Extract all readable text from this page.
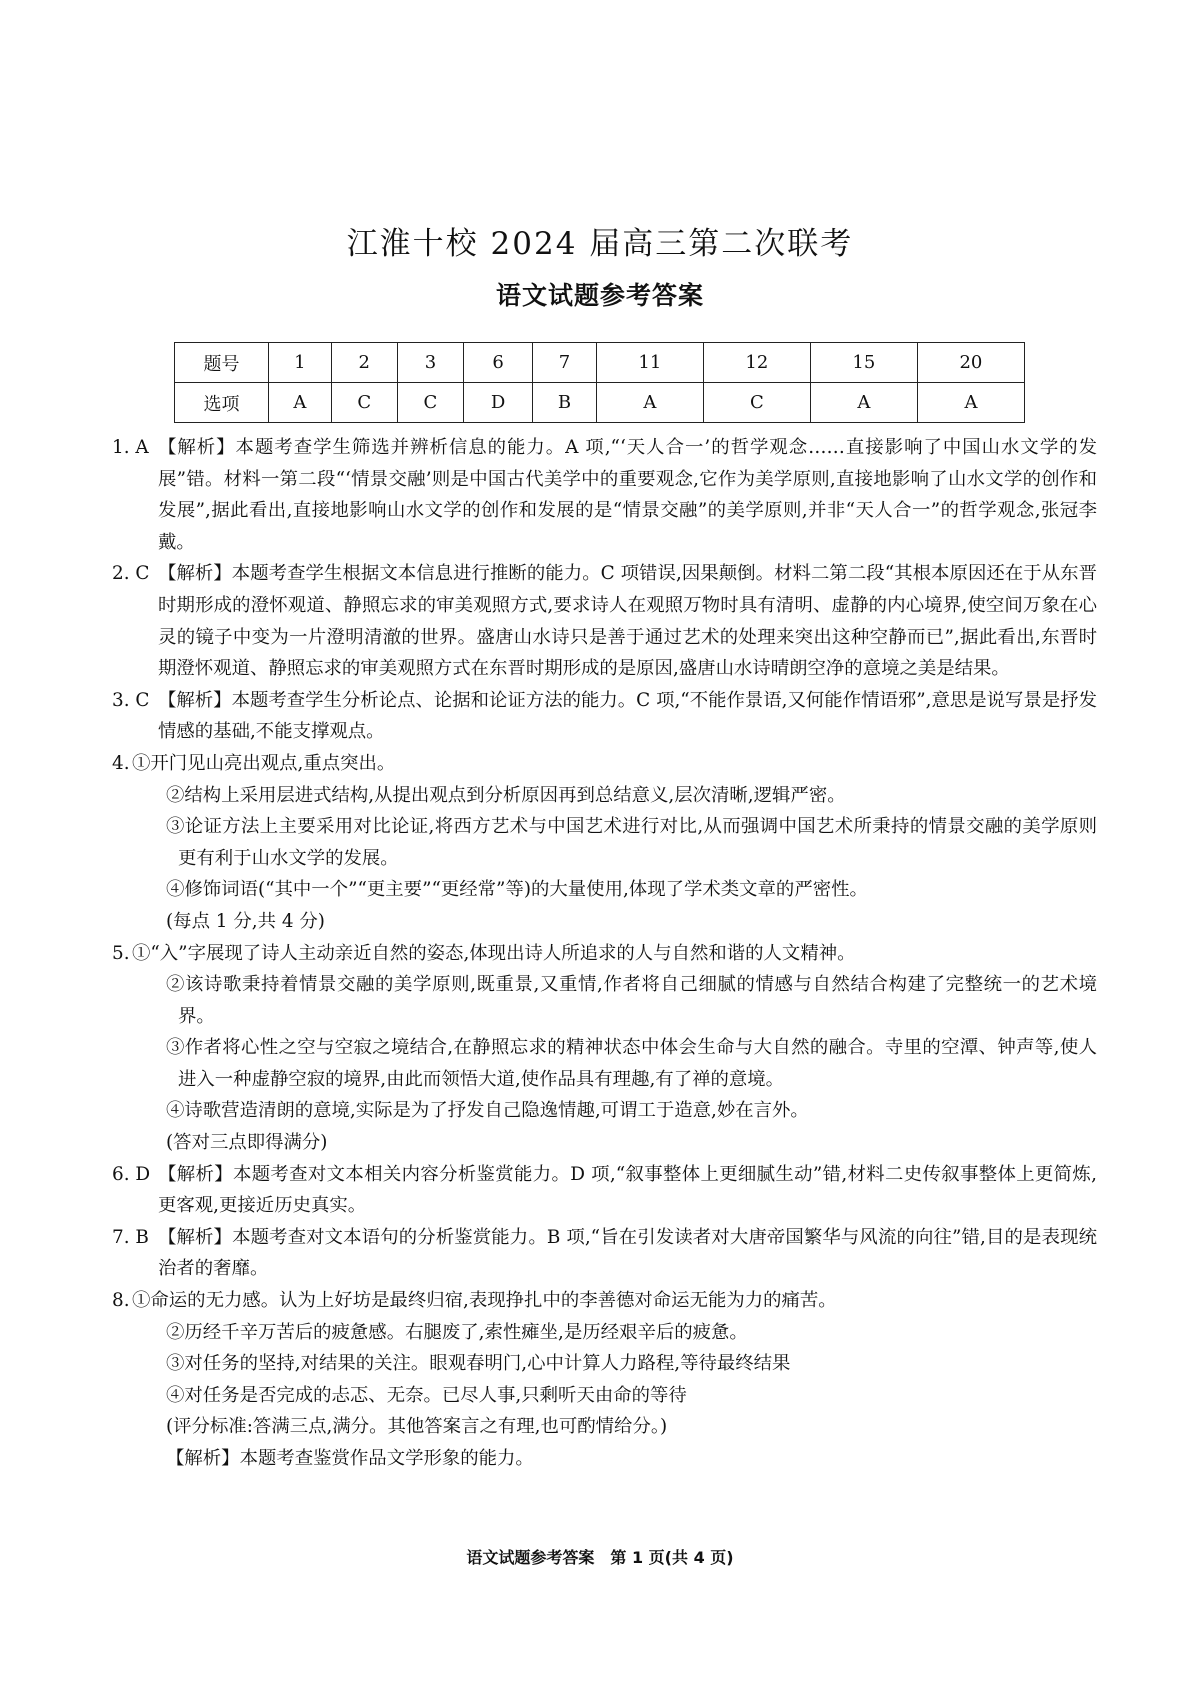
江淮十校 2024 届高三第二次联考
语文试题参考答案
题号	1	2	3	6	7	11	12	15	20
选项	A	C	C	D	B	A	C	A	A
1. A 【解析】本题考查学生筛选并辨析信息的能力。A 项,“‘天人合一’的哲学观念……直接影响了中国山水文学的发展”错。材料一第二段“‘情景交融’则是中国古代美学中的重要观念,它作为美学原则,直接地影响了山水文学的创作和发展”,据此看出,直接地影响山水文学的创作和发展的是“情景交融”的美学原则,并非“天人合一”的哲学观念,张冠李戴。
2. C 【解析】本题考查学生根据文本信息进行推断的能力。C 项错误,因果颠倒。材料二第二段“其根本原因还在于从东晋时期形成的澄怀观道、静照忘求的审美观照方式,要求诗人在观照万物时具有清明、虚静的内心境界,使空间万象在心灵的镜子中变为一片澄明清澈的世界。盛唐山水诗只是善于通过艺术的处理来突出这种空静而已”,据此看出,东晋时期澄怀观道、静照忘求的审美观照方式在东晋时期形成的是原因,盛唐山水诗晴朗空净的意境之美是结果。
3. C 【解析】本题考查学生分析论点、论据和论证方法的能力。C 项,“不能作景语,又何能作情语邪”,意思是说写景是抒发情感的基础,不能支撑观点。
4. ①开门见山亮出观点,重点突出。

②结构上采用层进式结构,从提出观点到分析原因再到总结意义,层次清晰,逻辑严密。

③论证方法上主要采用对比论证,将西方艺术与中国艺术进行对比,从而强调中国艺术所秉持的情景交融的美学原则更有利于山水文学的发展。

④修饰词语(“其中一个”“更主要”“更经常”等)的大量使用,体现了学术类文章的严密性。

(每点 1 分,共 4 分)

5. ①“入”字展现了诗人主动亲近自然的姿态,体现出诗人所追求的人与自然和谐的人文精神。

②该诗歌秉持着情景交融的美学原则,既重景,又重情,作者将自己细腻的情感与自然结合构建了完整统一的艺术境界。

③作者将心性之空与空寂之境结合,在静照忘求的精神状态中体会生命与大自然的融合。寺里的空潭、钟声等,使人进入一种虚静空寂的境界,由此而领悟大道,使作品具有理趣,有了禅的意境。

④诗歌营造清朗的意境,实际是为了抒发自己隐逸情趣,可谓工于造意,妙在言外。

(答对三点即得满分)

6. D 【解析】本题考查对文本相关内容分析鉴赏能力。D 项,“叙事整体上更细腻生动”错,材料二史传叙事整体上更简炼,更客观,更接近历史真实。
7. B 【解析】本题考查对文本语句的分析鉴赏能力。B 项,“旨在引发读者对大唐帝国繁华与风流的向往”错,目的是表现统治者的奢靡。
8. ①命运的无力感。认为上好坊是最终归宿,表现挣扎中的李善德对命运无能为力的痛苦。

②历经千辛万苦后的疲惫感。右腿废了,索性瘫坐,是历经艰辛后的疲惫。

③对任务的坚持,对结果的关注。眼观春明门,心中计算人力路程,等待最终结果

④对任务是否完成的忐忑、无奈。已尽人事,只剩听天由命的等待

(评分标准:答满三点,满分。其他答案言之有理,也可酌情给分。)

【解析】本题考查鉴赏作品文学形象的能力。

语文试题参考答案　第 1 页(共 4 页)
